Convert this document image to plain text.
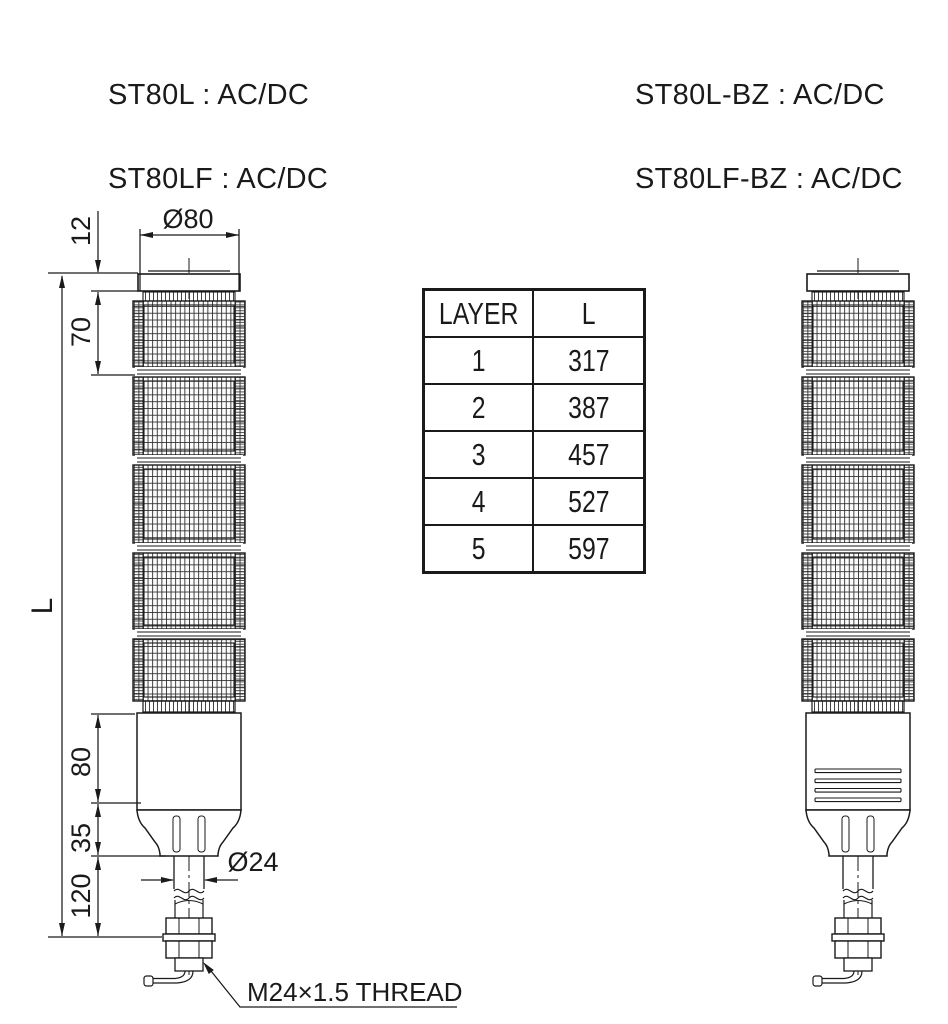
ST80L : AC/DC

ST80LF : AC/DC

ST80L-BZ : AC/DC

ST80LF-BZ : AC/DC

Ø80
12
70
L
80
35
120
Ø24
M24×1.5 THREAD
LAYER L
1	317
2	387
3	457
4	527
5	597
